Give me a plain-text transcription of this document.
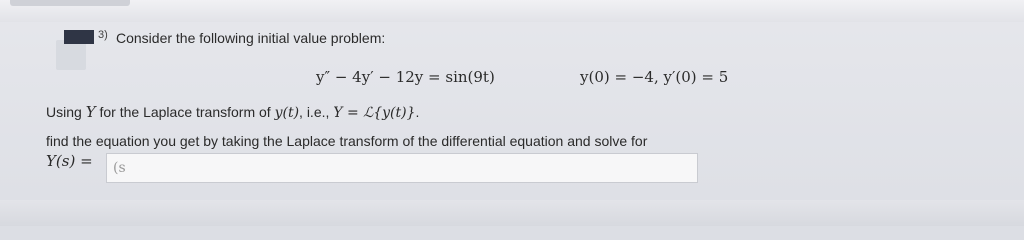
3) Consider the following initial value problem:
y″ − 4y′ − 12y = sin(9t)	y(0) = −4, y′(0) = 5
Using Y for the Laplace transform of y(t), i.e., Y = ℒ{y(t)}.
find the equation you get by taking the Laplace transform of the differential equation and solve for
Y(s) =
(s
